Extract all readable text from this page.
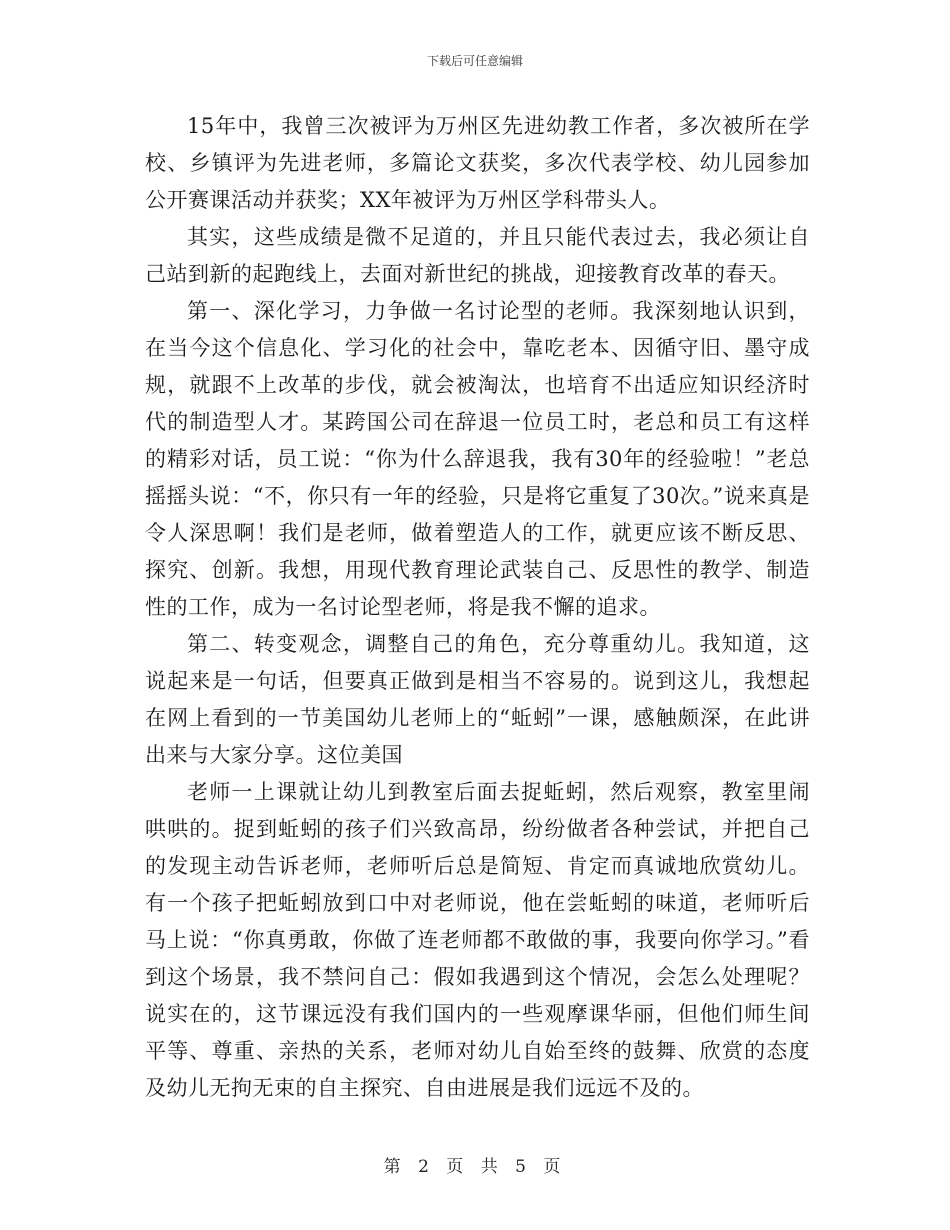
下载后可任意编辑

15年中，我曾三次被评为万州区先进幼教工作者，多次被所在学校、乡镇评为先进老师，多篇论文获奖，多次代表学校、幼儿园参加公开赛课活动并获奖；XX年被评为万州区学科带头人。

其实，这些成绩是微不足道的，并且只能代表过去，我必须让自己站到新的起跑线上，去面对新世纪的挑战，迎接教育改革的春天。

第一、深化学习，力争做一名讨论型的老师。我深刻地认识到，在当今这个信息化、学习化的社会中，靠吃老本、因循守旧、墨守成规，就跟不上改革的步伐，就会被淘汰，也培育不出适应知识经济时代的制造型人才。某跨国公司在辞退一位员工时，老总和员工有这样的精彩对话，员工说：“你为什么辞退我，我有30年的经验啦！”老总摇摇头说：“不，你只有一年的经验，只是将它重复了30次。”说来真是令人深思啊！我们是老师，做着塑造人的工作，就更应该不断反思、探究、创新。我想，用现代教育理论武装自己、反思性的教学、制造性的工作，成为一名讨论型老师，将是我不懈的追求。

第二、转变观念，调整自己的角色，充分尊重幼儿。我知道，这说起来是一句话，但要真正做到是相当不容易的。说到这儿，我想起在网上看到的一节美国幼儿老师上的“蚯蚓”一课，感触颇深，在此讲出来与大家分享。这位美国

老师一上课就让幼儿到教室后面去捉蚯蚓，然后观察，教室里闹哄哄的。捉到蚯蚓的孩子们兴致高昂，纷纷做者各种尝试，并把自己的发现主动告诉老师，老师听后总是简短、肯定而真诚地欣赏幼儿。有一个孩子把蚯蚓放到口中对老师说，他在尝蚯蚓的味道，老师听后马上说：“你真勇敢，你做了连老师都不敢做的事，我要向你学习。”看到这个场景，我不禁问自己：假如我遇到这个情况，会怎么处理呢？说实在的，这节课远没有我们国内的一些观摩课华丽，但他们师生间平等、尊重、亲热的关系，老师对幼儿自始至终的鼓舞、欣赏的态度及幼儿无拘无束的自主探究、自由进展是我们远远不及的。

第 2 页 共 5 页
